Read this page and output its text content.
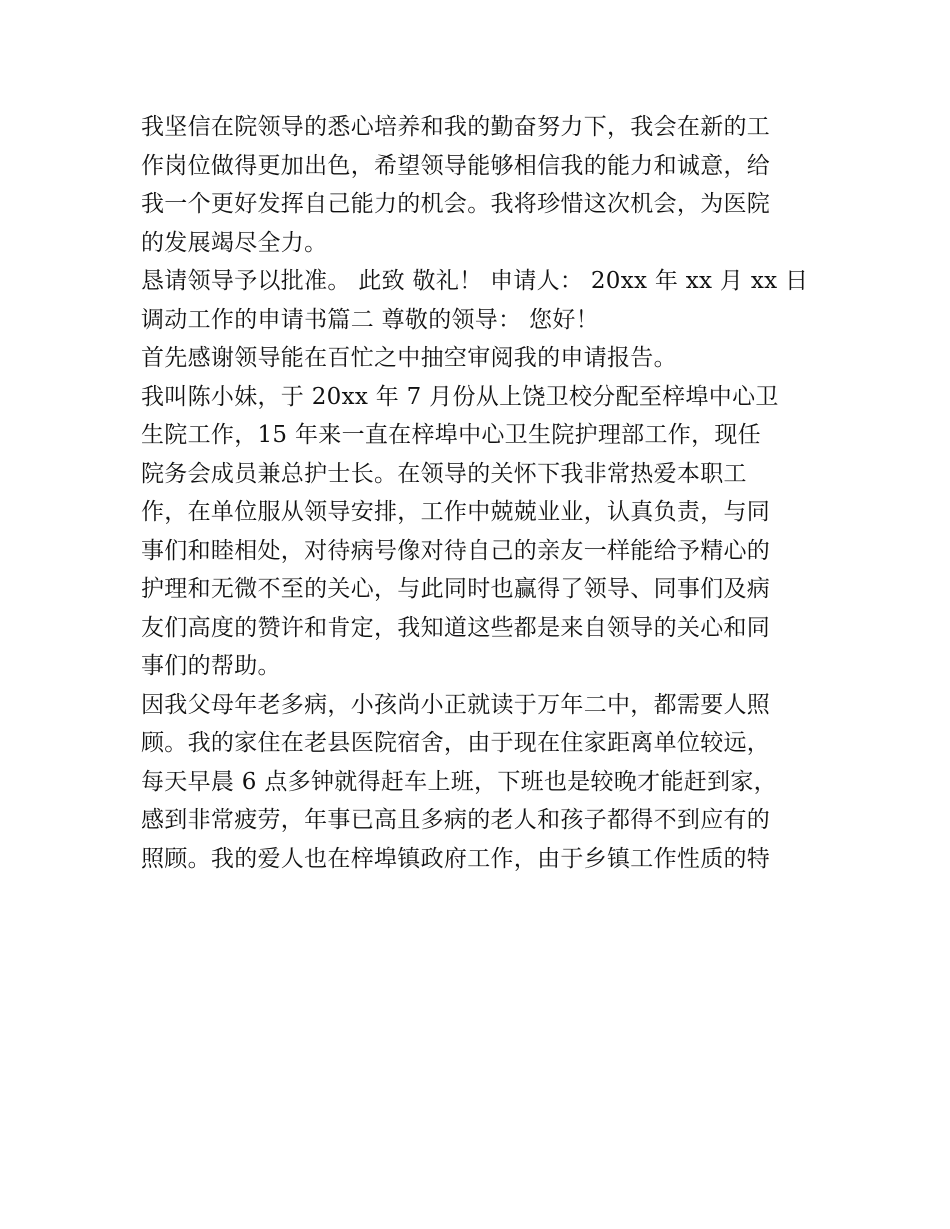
我坚信在院领导的悉心培养和我的勤奋努力下，我会在新的工
作岗位做得更加出色，希望领导能够相信我的能力和诚意，给
我一个更好发挥自己能力的机会。我将珍惜这次机会，为医院
的发展竭尽全力。
恳请领导予以批准。 此致 敬礼！ 申请人： 20xx 年 xx 月 xx 日
调动工作的申请书篇二 尊敬的领导： 您好！
首先感谢领导能在百忙之中抽空审阅我的申请报告。
我叫陈小妹，于 20xx 年 7 月份从上饶卫校分配至梓埠中心卫
生院工作，15 年来一直在梓埠中心卫生院护理部工作，现任
院务会成员兼总护士长。在领导的关怀下我非常热爱本职工
作，在单位服从领导安排，工作中兢兢业业，认真负责，与同
事们和睦相处，对待病号像对待自己的亲友一样能给予精心的
护理和无微不至的关心，与此同时也赢得了领导、同事们及病
友们高度的赞许和肯定，我知道这些都是来自领导的关心和同
事们的帮助。
因我父母年老多病，小孩尚小正就读于万年二中，都需要人照
顾。我的家住在老县医院宿舍，由于现在住家距离单位较远，
每天早晨 6 点多钟就得赶车上班，下班也是较晚才能赶到家，
感到非常疲劳，年事已高且多病的老人和孩子都得不到应有的
照顾。我的爱人也在梓埠镇政府工作，由于乡镇工作性质的特
